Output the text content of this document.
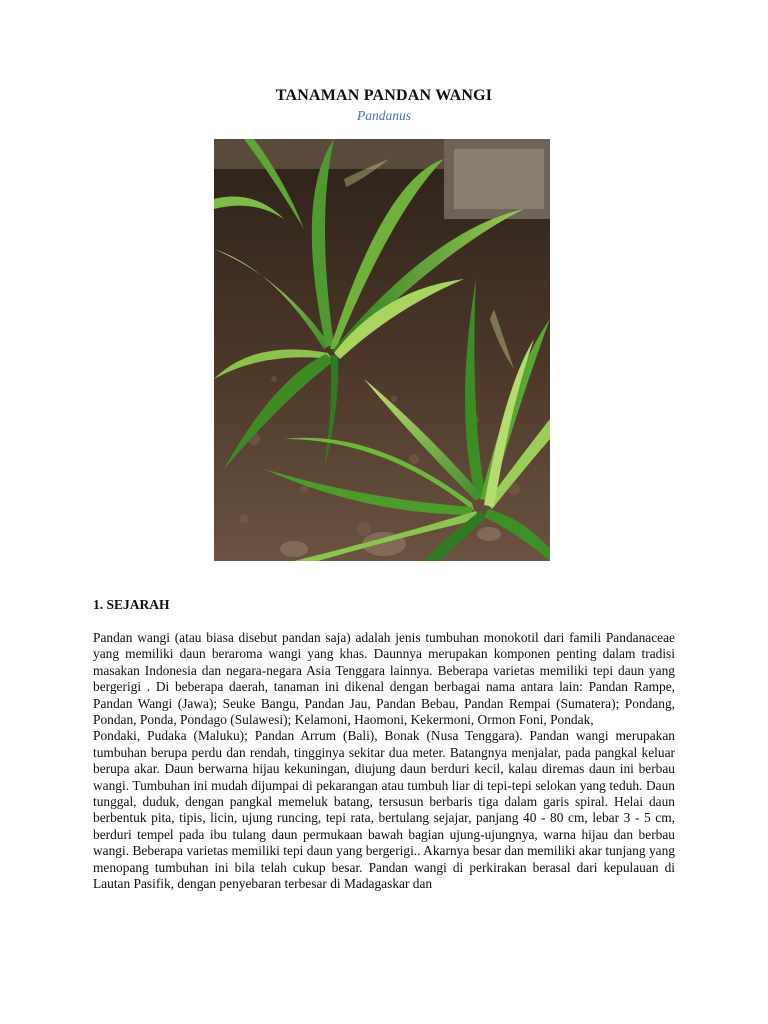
TANAMAN PANDAN WANGI
Pandanus
1. SEJARAH

Pandan wangi (atau biasa disebut pandan saja) adalah jenis tumbuhan monokotil dari famili Pandanaceae yang memiliki daun beraroma wangi yang khas. Daunnya merupakan komponen penting dalam tradisi masakan Indonesia dan negara-negara Asia Tenggara lainnya. Beberapa varietas memiliki tepi daun yang bergerigi . Di beberapa daerah, tanaman ini dikenal dengan berbagai nama antara lain: Pandan Rampe, Pandan Wangi (Jawa); Seuke Bangu, Pandan Jau, Pandan Bebau, Pandan Rempai (Sumatera); Pondang, Pondan, Ponda, Pondago (Sulawesi); Kelamoni, Haomoni, Kekermoni, Ormon Foni, Pondak,

Pondaki, Pudaka (Maluku); Pandan Arrum (Bali), Bonak (Nusa Tenggara). Pandan wangi merupakan tumbuhan berupa perdu dan rendah, tingginya sekitar dua meter. Batangnya menjalar, pada pangkal keluar berupa akar. Daun berwarna hijau kekuningan, diujung daun berduri kecil, kalau diremas daun ini berbau wangi. Tumbuhan ini mudah dijumpai di pekarangan atau tumbuh liar di tepi-tepi selokan yang teduh. Daun tunggal, duduk, dengan pangkal memeluk batang, tersusun berbaris tiga dalam garis spiral. Helai daun berbentuk pita, tipis, licin, ujung runcing, tepi rata, bertulang sejajar, panjang 40 - 80 cm, lebar 3 - 5 cm, berduri tempel pada ibu tulang daun permukaan bawah bagian ujung-ujungnya, warna hijau dan berbau wangi. Beberapa varietas memiliki tepi daun yang bergerigi.. Akarnya besar dan memiliki akar tunjang yang menopang tumbuhan ini bila telah cukup besar. Pandan wangi di perkirakan berasal dari kepulauan di Lautan Pasifik, dengan penyebaran terbesar di Madagaskar dan
